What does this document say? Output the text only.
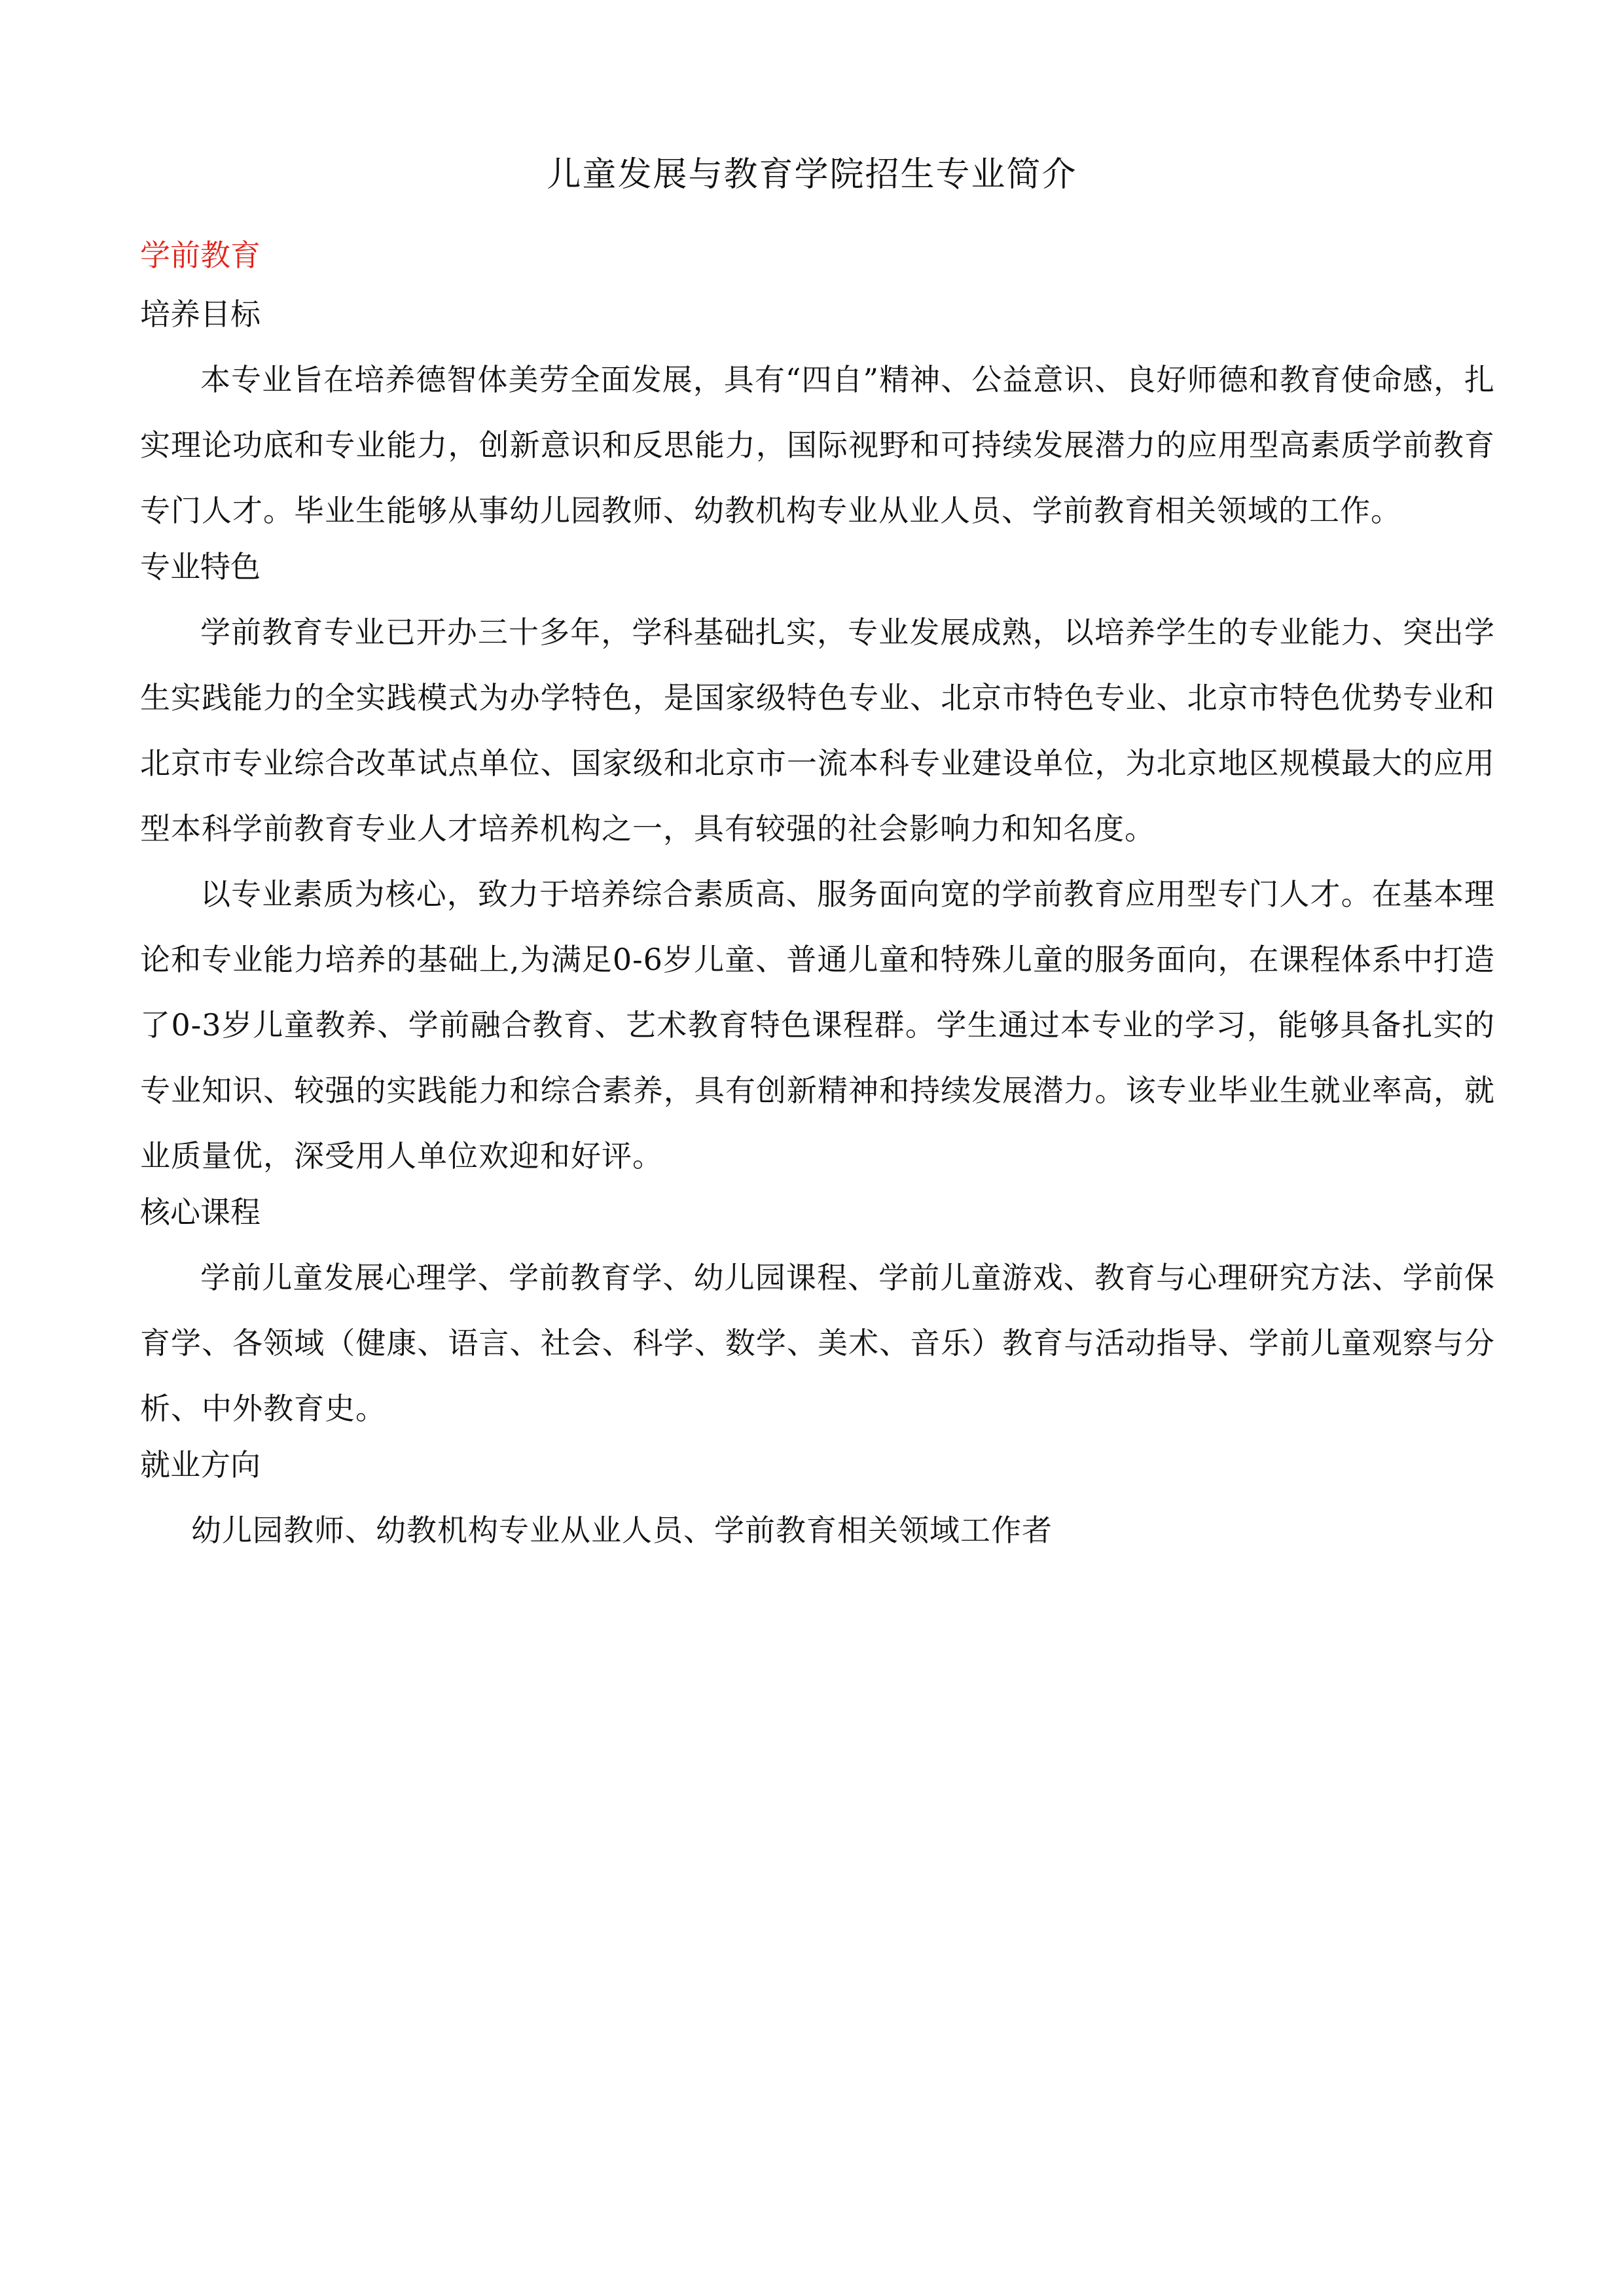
儿童发展与教育学院招生专业简介
学前教育
培养目标

本专业旨在培养德智体美劳全面发展，具有“四自”精神、公益意识、良好师德和教育使命感，扎实理论功底和专业能力，创新意识和反思能力，国际视野和可持续发展潜力的应用型高素质学前教育专门人才。毕业生能够从事幼儿园教师、幼教机构专业从业人员、学前教育相关领域的工作。

专业特色

学前教育专业已开办三十多年，学科基础扎实，专业发展成熟，以培养学生的专业能力、突出学生实践能力的全实践模式为办学特色，是国家级特色专业、北京市特色专业、北京市特色优势专业和北京市专业综合改革试点单位、国家级和北京市一流本科专业建设单位，为北京地区规模最大的应用型本科学前教育专业人才培养机构之一，具有较强的社会影响力和知名度。

以专业素质为核心，致力于培养综合素质高、服务面向宽的学前教育应用型专门人才。在基本理论和专业能力培养的基础上,为满足0-6岁儿童、普通儿童和特殊儿童的服务面向，在课程体系中打造了0-3岁儿童教养、学前融合教育、艺术教育特色课程群。学生通过本专业的学习，能够具备扎实的专业知识、较强的实践能力和综合素养，具有创新精神和持续发展潜力。该专业毕业生就业率高，就业质量优，深受用人单位欢迎和好评。

核心课程

学前儿童发展心理学、学前教育学、幼儿园课程、学前儿童游戏、教育与心理研究方法、学前保育学、各领域（健康、语言、社会、科学、数学、美术、音乐）教育与活动指导、学前儿童观察与分析、中外教育史。

就业方向

幼儿园教师、幼教机构专业从业人员、学前教育相关领域工作者
